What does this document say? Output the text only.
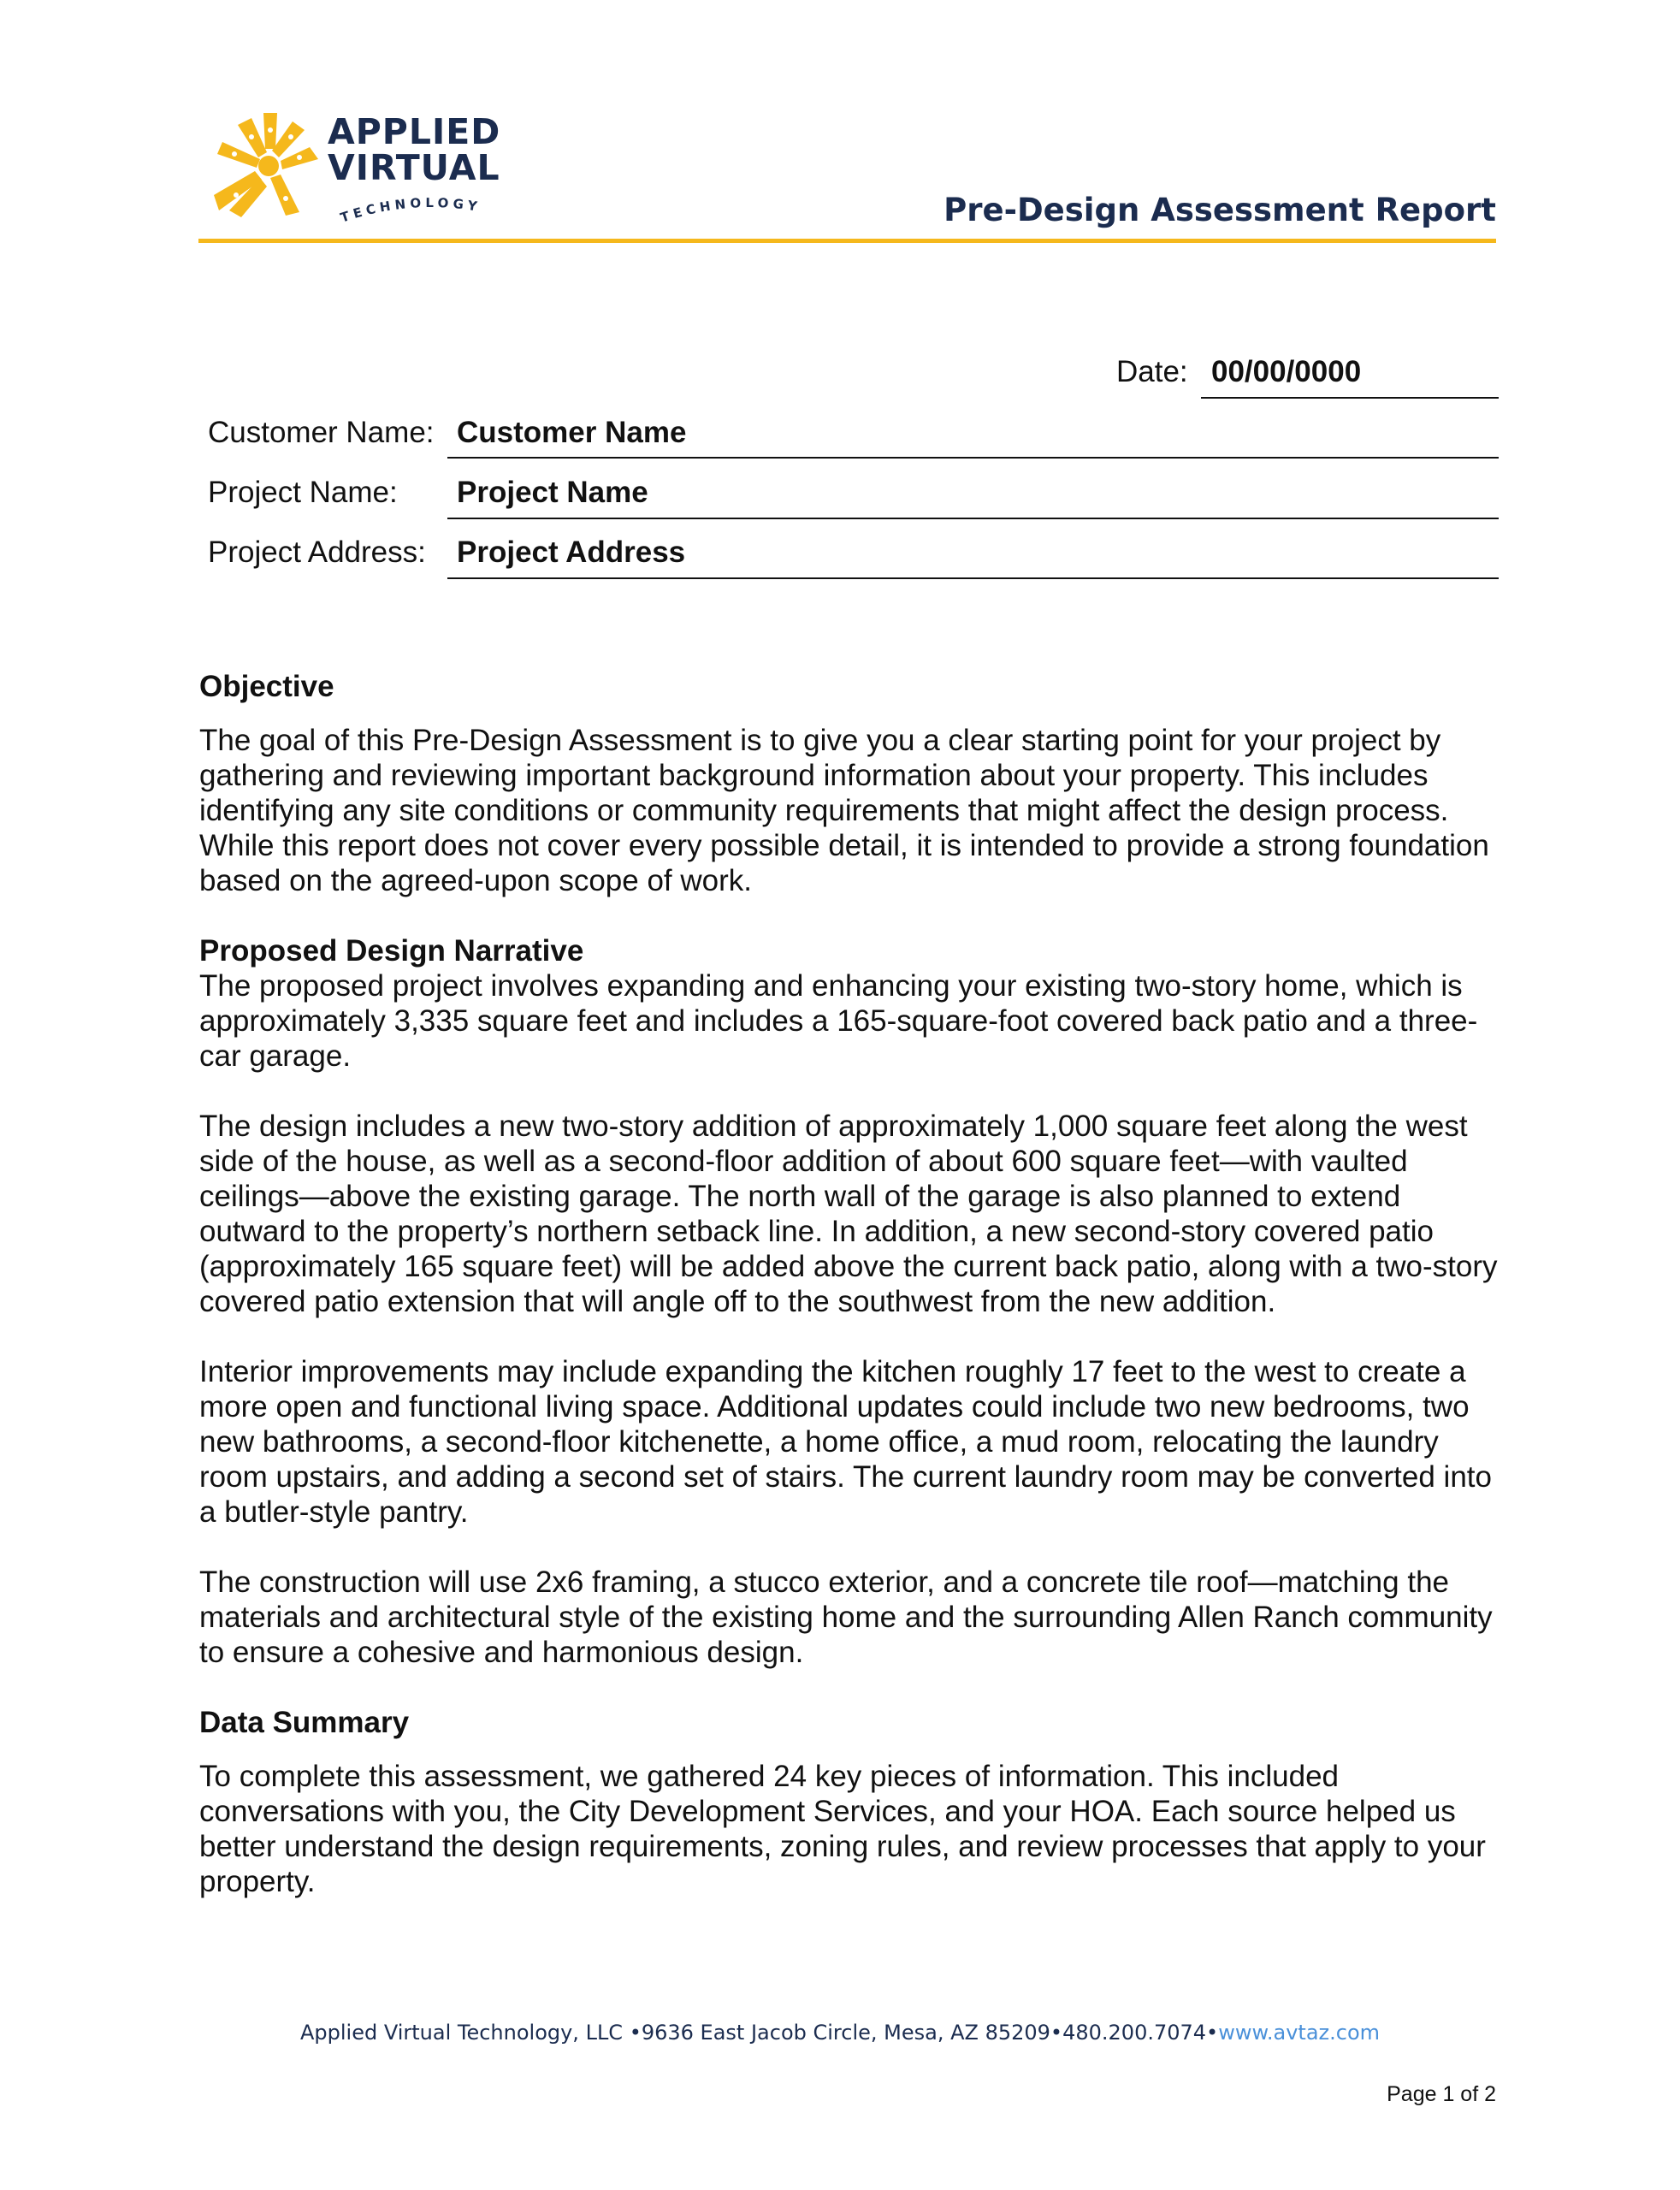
APPLIED
VIRTUAL
TECHNOLOGY	Pre-Design Assessment Report
Date: 00/00/0000
Customer Name: Customer Name
Project Name: Project Name
Project Address: Project Address
Objective

The goal of this Pre-Design Assessment is to give you a clear starting point for your project by gathering and reviewing important background information about your property. This includes identifying any site conditions or community requirements that might affect the design process. While this report does not cover every possible detail, it is intended to provide a strong foundation based on the agreed-upon scope of work.

Proposed Design Narrative

The proposed project involves expanding and enhancing your existing two-story home, which is approximately 3,335 square feet and includes a 165-square-foot covered back patio and a three-car garage.

The design includes a new two-story addition of approximately 1,000 square feet along the west side of the house, as well as a second-floor addition of about 600 square feet—with vaulted ceilings—above the existing garage. The north wall of the garage is also planned to extend outward to the property’s northern setback line. In addition, a new second-story covered patio (approximately 165 square feet) will be added above the current back patio, along with a two-story covered patio extension that will angle off to the southwest from the new addition.

Interior improvements may include expanding the kitchen roughly 17 feet to the west to create a more open and functional living space. Additional updates could include two new bedrooms, two new bathrooms, a second-floor kitchenette, a home office, a mud room, relocating the laundry room upstairs, and adding a second set of stairs. The current laundry room may be converted into a butler-style pantry.

The construction will use 2x6 framing, a stucco exterior, and a concrete tile roof—matching the materials and architectural style of the existing home and the surrounding Allen Ranch community to ensure a cohesive and harmonious design.

Data Summary

To complete this assessment, we gathered 24 key pieces of information. This included conversations with you, the City Development Services, and your HOA. Each source helped us better understand the design requirements, zoning rules, and review processes that apply to your property.

Applied Virtual Technology, LLC •9636 East Jacob Circle, Mesa, AZ 85209•480.200.7074•www.avtaz.com
Page 1 of 2
